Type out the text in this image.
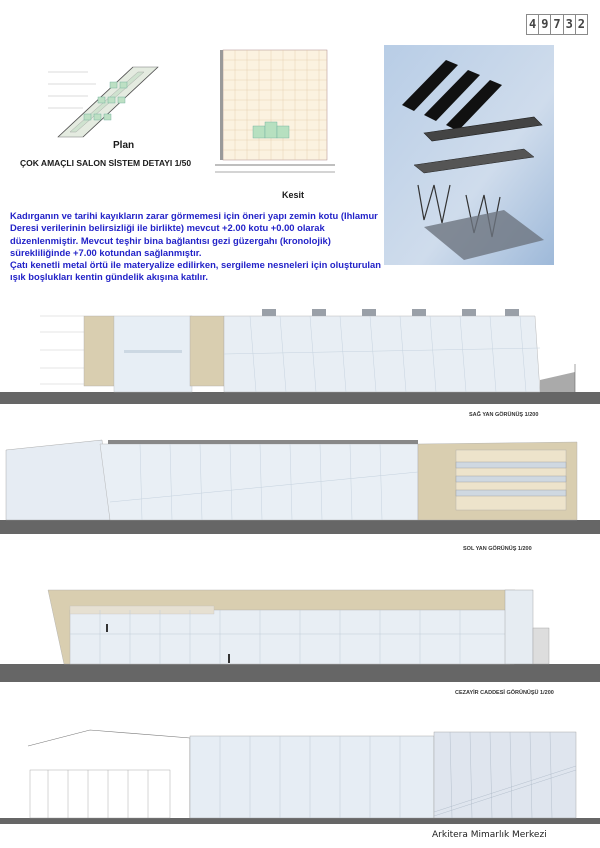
4 9 7 3 2
Plan
ÇOK AMAÇLI SALON SİSTEM DETAYI 1/50
Kesit
Kadırganın ve tarihi kayıkların zarar görmemesi için öneri yapı zemin kotu (Ihlamur
Deresi verilerinin belirsizliği ile birlikte) mevcut +2.00 kotu +0.00 olarak
düzenlenmiştir. Mevcut teşhir bina bağlantısı gezi güzergahı (kronolojik)
sürekliliğinde +7.00 kotundan sağlanmıştır.
Çatı kenetli metal örtü ile materyalize edilirken, sergileme nesneleri için oluşturulan
ışık boşlukları kentin gündelik akışına katılır.
SAĞ YAN GÖRÜNÜŞ 1/200
SOL YAN GÖRÜNÜŞ 1/200
CEZAYİR CADDESİ GÖRÜNÜŞÜ 1/200
Arkitera Mimarlık Merkezi
